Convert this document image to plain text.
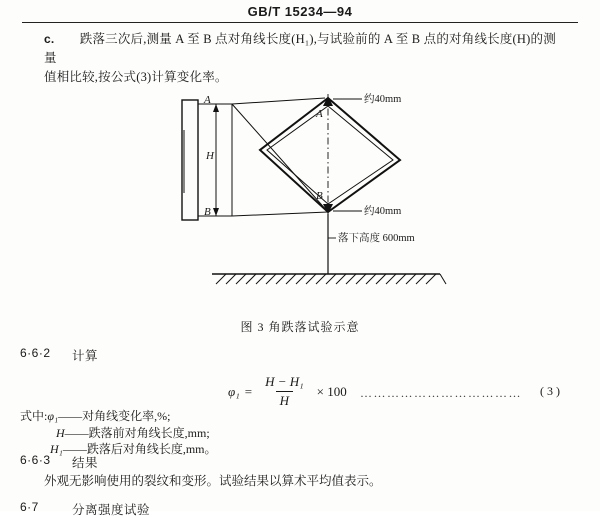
GB/T 15234—94
c. 跌落三次后,测量 A 至 B 点对角线长度(H₁),与试验前的 A 至 B 点的对角线长度(H)的测量
值相比较,按公式(3)计算变化率。
A
B
H
A
B
约40mm
约40mm
落下高度 600mm
图 3 角跌落试验示意
6·6·2 计算
$\varphi_1 = \frac{\text{H − H₁}}{H} \times 100$ ……………………………… ( 3 )
式中:φ₁——对角线变化率,%;
H——跌落前对角线长度,mm;
H₁——跌落后对角线长度,mm。
6·6·3 结果
外观无影响使用的裂纹和变形。试验结果以算术平均值表示。
6·7	分离强度试验
